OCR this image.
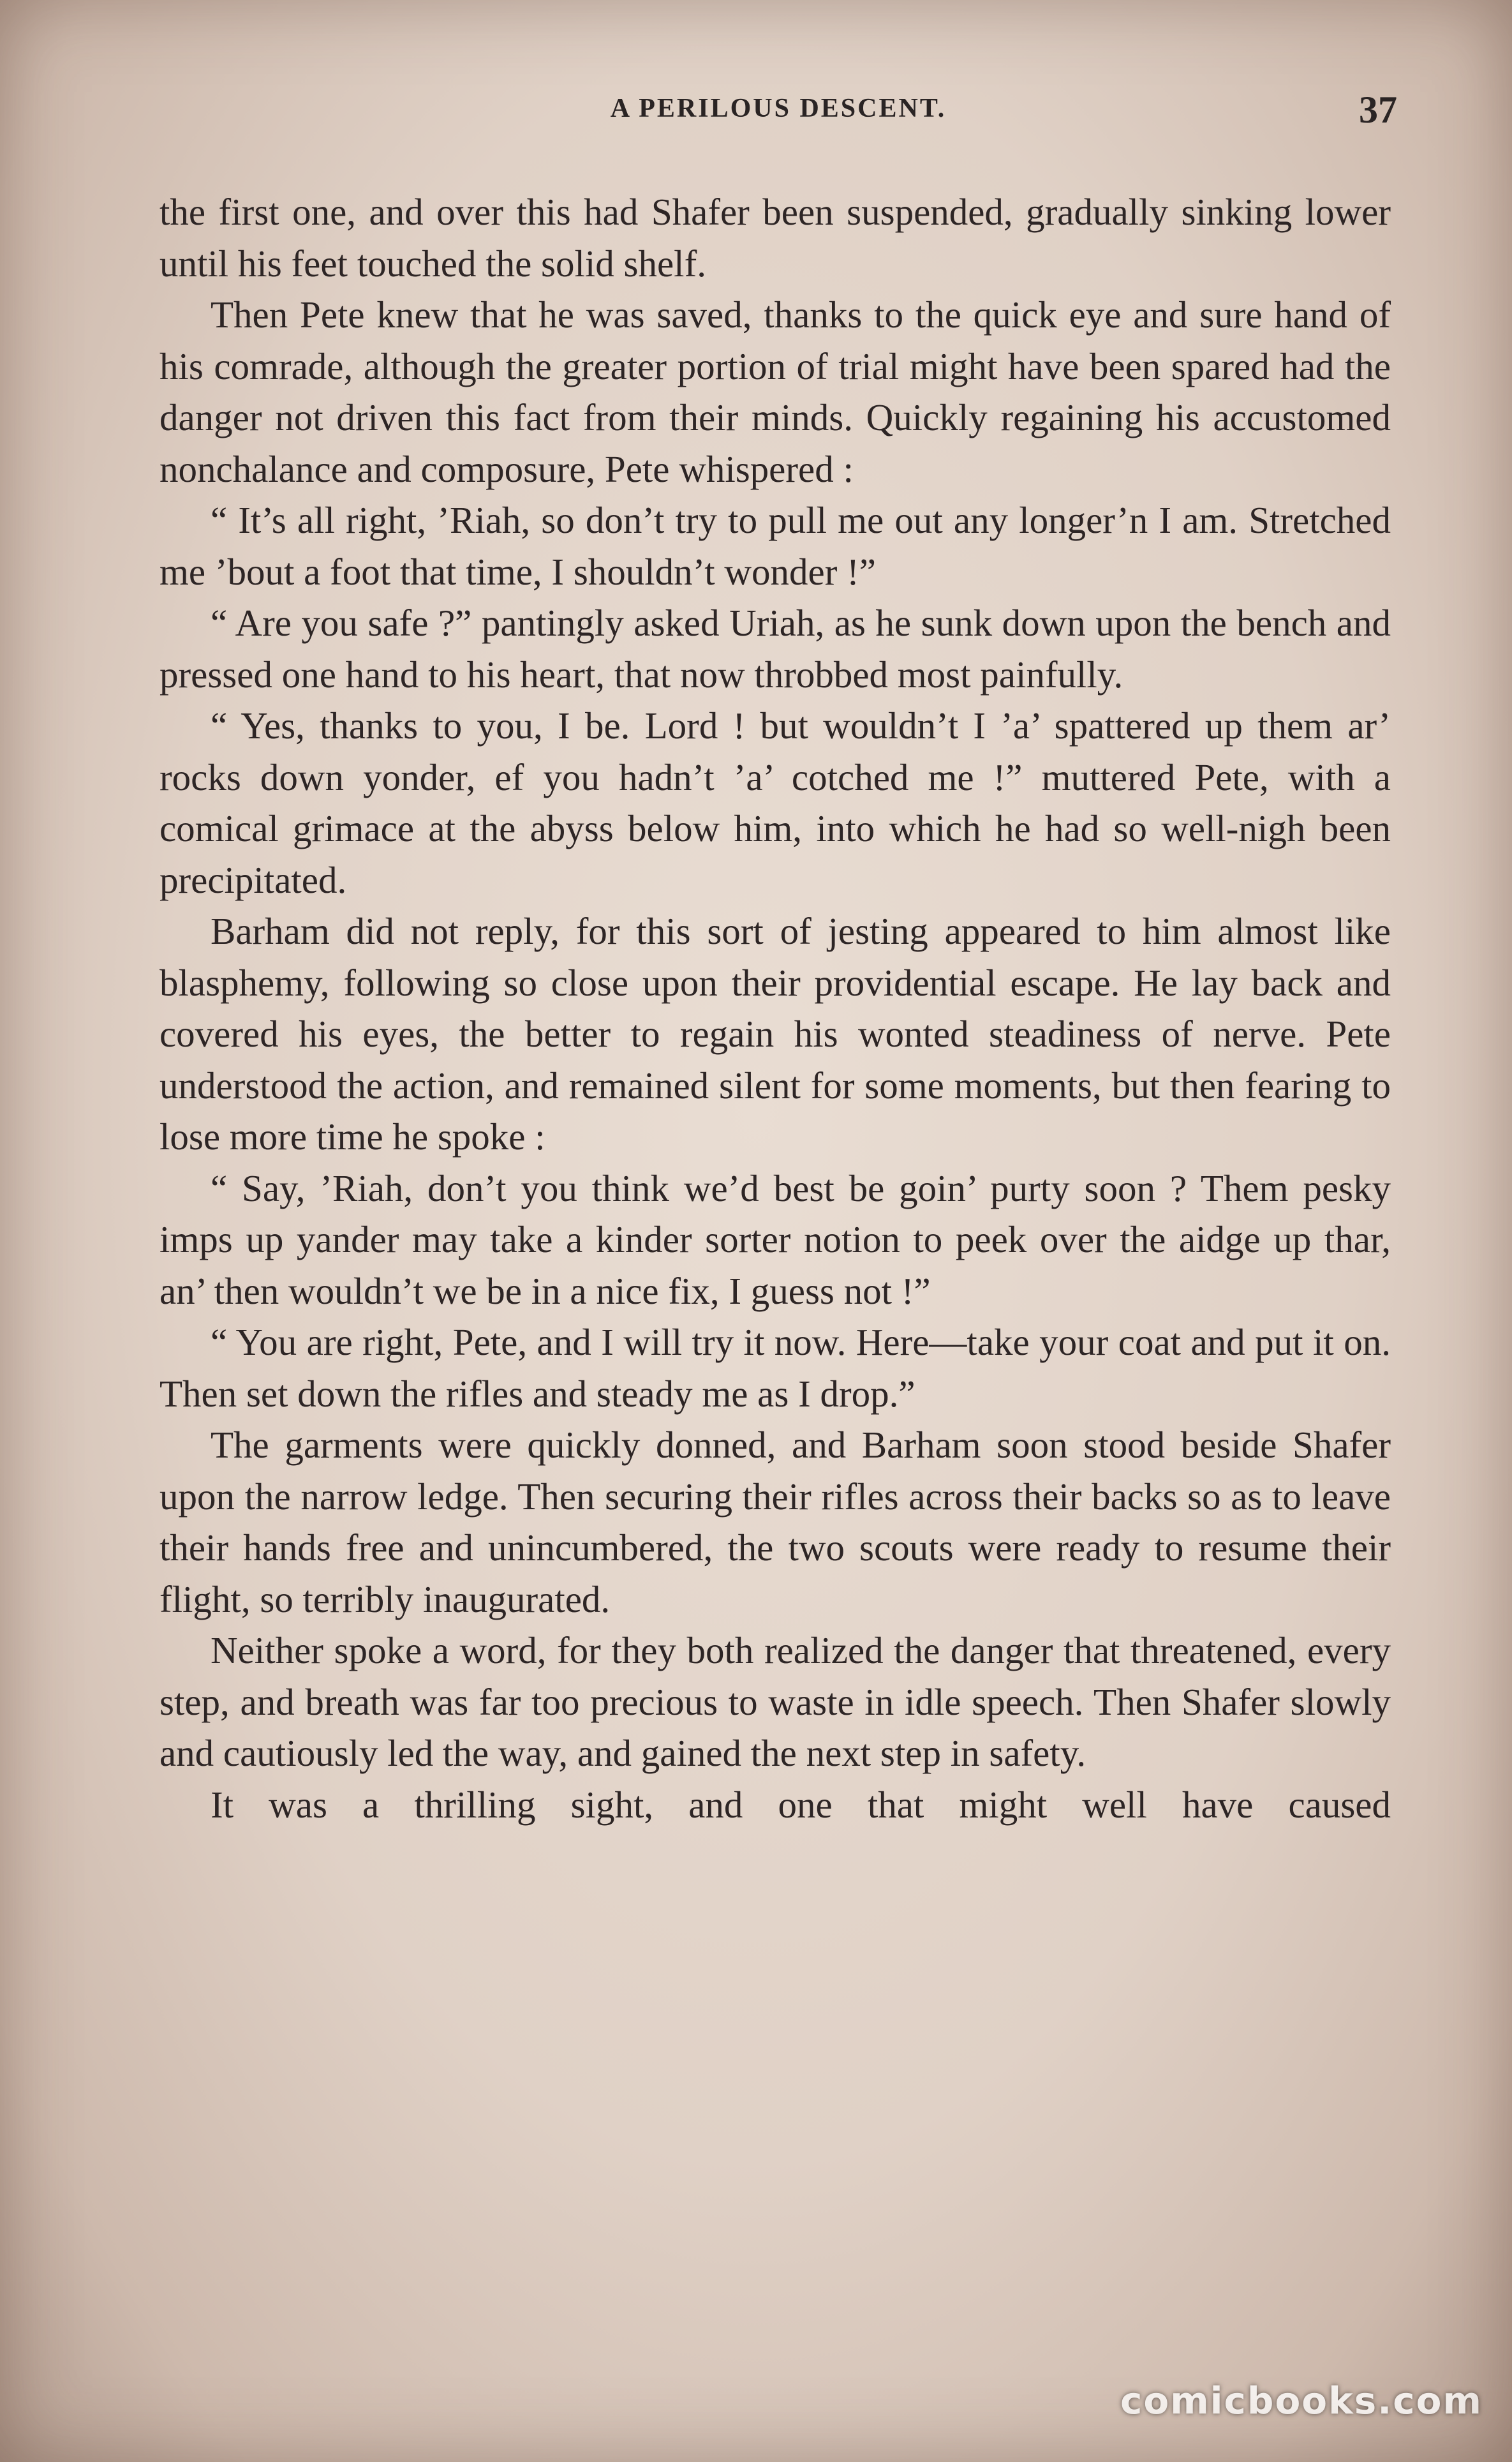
A PERILOUS DESCENT.	37

the first one, and over this had Shafer been suspended, gradually sinking lower until his feet touched the solid shelf.

Then Pete knew that he was saved, thanks to the quick eye and sure hand of his comrade, although the greater portion of trial might have been spared had the danger not driven this fact from their minds. Quickly regaining his accustomed nonchalance and composure, Pete whispered :

“ It’s all right, ’Riah, so don’t try to pull me out any longer’n I am. Stretched me ’bout a foot that time, I shouldn’t wonder !”

“ Are you safe ?” pantingly asked Uriah, as he sunk down upon the bench and pressed one hand to his heart, that now throbbed most painfully.

“ Yes, thanks to you, I be. Lord ! but wouldn’t I ’a’ spattered up them ar’ rocks down yonder, ef you hadn’t ’a’ cotched me !” muttered Pete, with a comical grimace at the abyss below him, into which he had so well-nigh been precipitated.

Barham did not reply, for this sort of jesting appeared to him almost like blasphemy, following so close upon their providential escape. He lay back and covered his eyes, the better to regain his wonted steadiness of nerve. Pete understood the action, and remained silent for some moments, but then fearing to lose more time he spoke :

“ Say, ’Riah, don’t you think we’d best be goin’ purty soon ? Them pesky imps up yander may take a kinder sorter notion to peek over the aidge up thar, an’ then wouldn’t we be in a nice fix, I guess not !”

“ You are right, Pete, and I will try it now. Here—take your coat and put it on. Then set down the rifles and steady me as I drop.”

The garments were quickly donned, and Barham soon stood beside Shafer upon the narrow ledge. Then securing their rifles across their backs so as to leave their hands free and unincumbered, the two scouts were ready to resume their flight, so terribly inaugurated.

Neither spoke a word, for they both realized the danger that threatened, every step, and breath was far too precious to waste in idle speech. Then Shafer slowly and cautiously led the way, and gained the next step in safety.

It was a thrilling sight, and one that might well have caused

comicbooks.com
